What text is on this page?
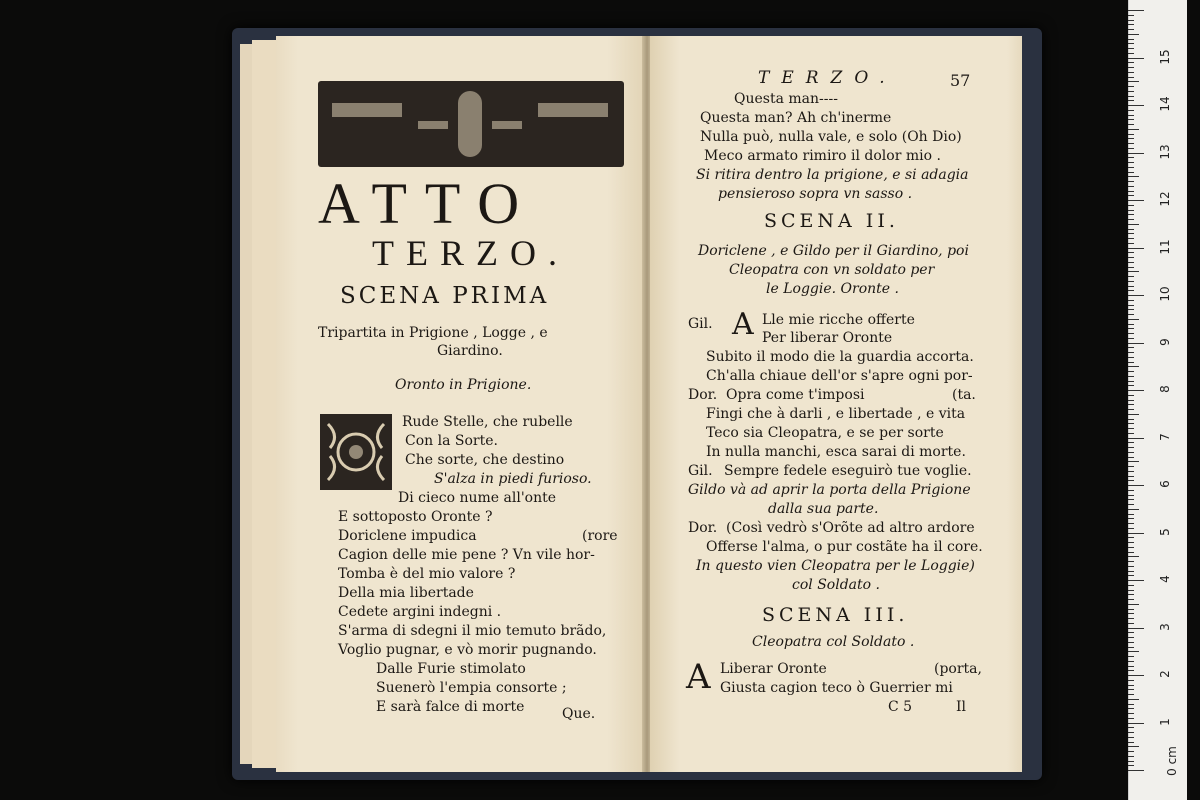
ATTO
TERZO.
SCENA PRIMA
Tripartita in Prigione , Logge , e
Giardino.
Oronto in Prigione.
Rude Stelle, che rubelle
Con la Sorte.
Che sorte, che destino
S'alza in piedi furioso.
Di cieco nume all'onte
E sottoposto Oronte ?
Doriclene impudica	(rore
Cagion delle mie pene ? Vn vile hor-
Tomba è del mio valore ?
Della mia libertade
Cedete argini indegni .
S'arma di sdegni il mio temuto brãdo,
Voglio pugnar, e vò morir pugnando.
Dalle Furie stimolato
Suenerò l'empia consorte ;
E sarà falce di morte	Que.
TERZO.	57
Questa man----
Questa man? Ah ch'inerme
Nulla può, nulla vale, e solo (Oh Dio)
Meco armato rimiro il dolor mio .
Si ritira dentro la prigione, e si adagia
pensieroso sopra vn sasso .
SCENA II.
Doriclene , e Gildo per il Giardino, poi
Cleopatra con vn soldato per
le Loggie. Oronte .
Gil. A Lle mie ricche offerte
Per liberar Oronte
Subito il modo die la guardia accorta.
Ch'alla chiaue dell'or s'apre ogni por-
Dor. Opra come t'imposi	(ta.
Fingi che à darli , e libertade , e vita
Teco sia Cleopatra, e se per sorte
In nulla manchi, esca sarai di morte.
Gil. Sempre fedele eseguirò tue voglie.
Gildo và ad aprir la porta della Prigione
dalla sua parte.
Dor. (Così vedrò s'Orõte ad altro ardore
Offerse l'alma, o pur costãte ha il core.
In questo vien Cleopatra per le Loggie)
col Soldato .
SCENA III.
Cleopatra col Soldato .
A Liberar Oronte	(porta,
Giusta cagion teco ò Guerrier mi
C 5	Il
0 cm
1
2
3
4
5
6
7
8
9
10
11
12
13
14
15
